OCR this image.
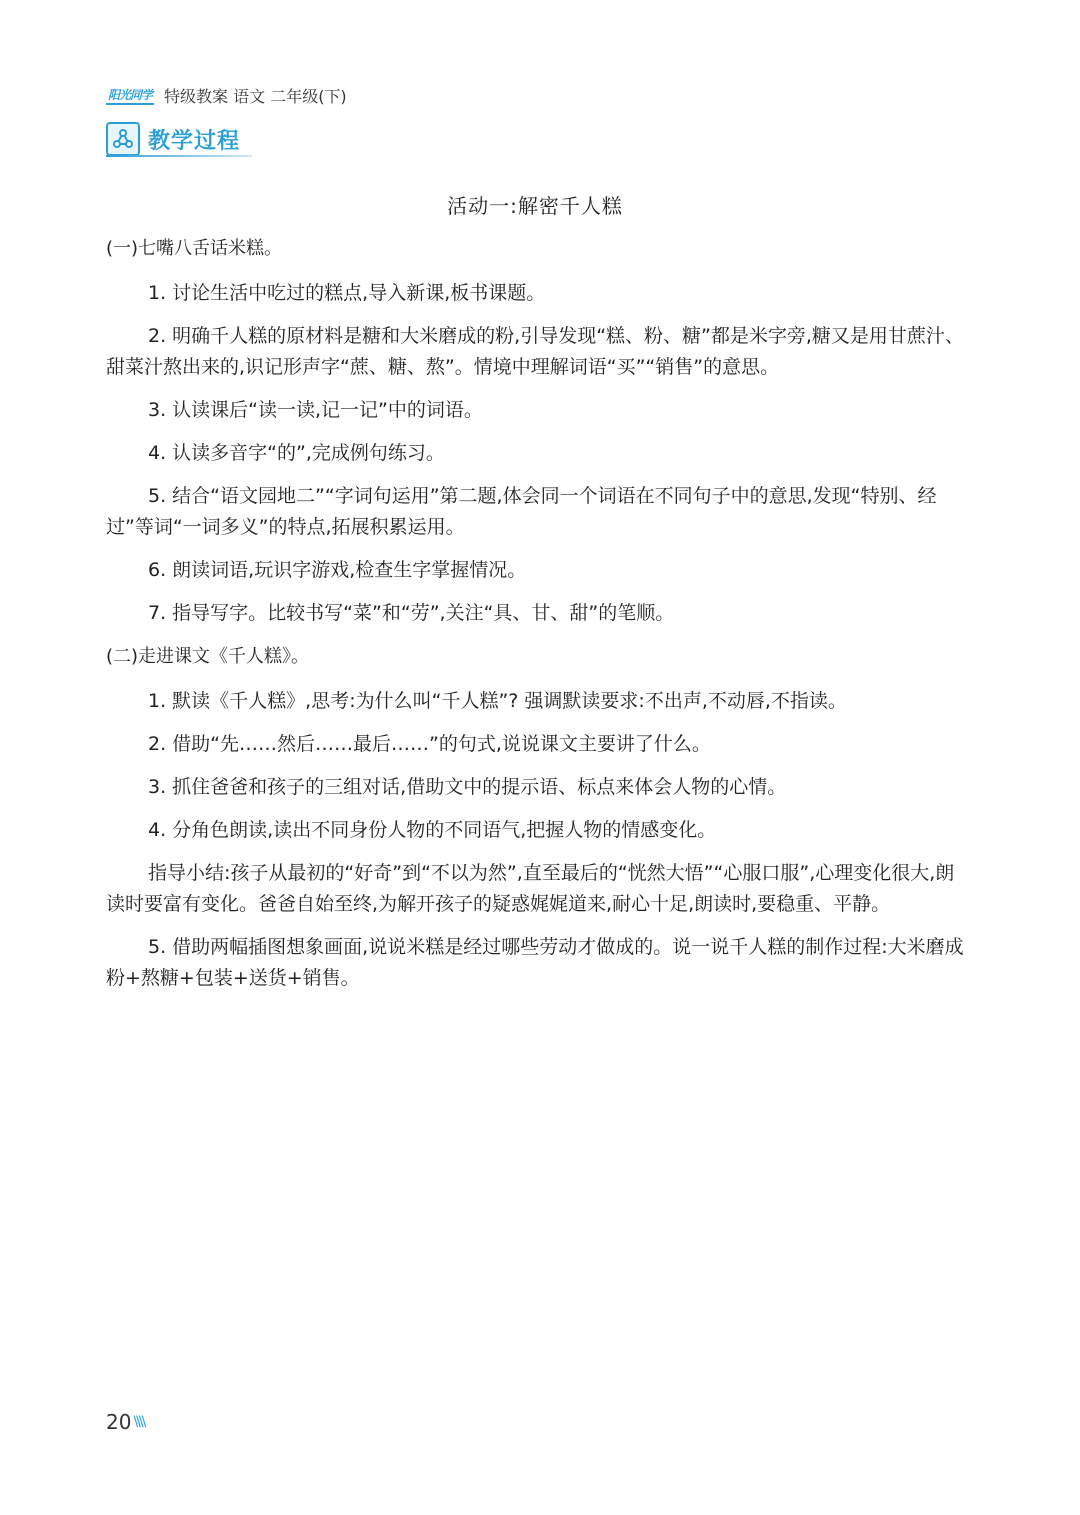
阳光同学 特级教案 语文 二年级(下)
教学过程
活动一:解密千人糕
(一)七嘴八舌话米糕。

1. 讨论生活中吃过的糕点,导入新课,板书课题。

2. 明确千人糕的原材料是糖和大米磨成的粉,引导发现“糕、粉、糖”都是米字旁,糖又是用甘蔗汁、甜菜汁熬出来的,识记形声字“蔗、糖、熬”。情境中理解词语“买”“销售”的意思。

3. 认读课后“读一读,记一记”中的词语。

4. 认读多音字“的”,完成例句练习。

5. 结合“语文园地二”“字词句运用”第二题,体会同一个词语在不同句子中的意思,发现“特别、经过”等词“一词多义”的特点,拓展积累运用。

6. 朗读词语,玩识字游戏,检查生字掌握情况。

7. 指导写字。比较书写“菜”和“劳”,关注“具、甘、甜”的笔顺。

(二)走进课文《千人糕》。

1. 默读《千人糕》,思考:为什么叫“千人糕”? 强调默读要求:不出声,不动唇,不指读。

2. 借助“先……然后……最后……”的句式,说说课文主要讲了什么。

3. 抓住爸爸和孩子的三组对话,借助文中的提示语、标点来体会人物的心情。

4. 分角色朗读,读出不同身份人物的不同语气,把握人物的情感变化。

指导小结:孩子从最初的“好奇”到“不以为然”,直至最后的“恍然大悟”“心服口服”,心理变化很大,朗读时要富有变化。爸爸自始至终,为解开孩子的疑惑娓娓道来,耐心十足,朗读时,要稳重、平静。

5. 借助两幅插图想象画面,说说米糕是经过哪些劳动才做成的。说一说千人糕的制作过程:大米磨成粉+熬糖+包装+送货+销售。

20 \\\\
